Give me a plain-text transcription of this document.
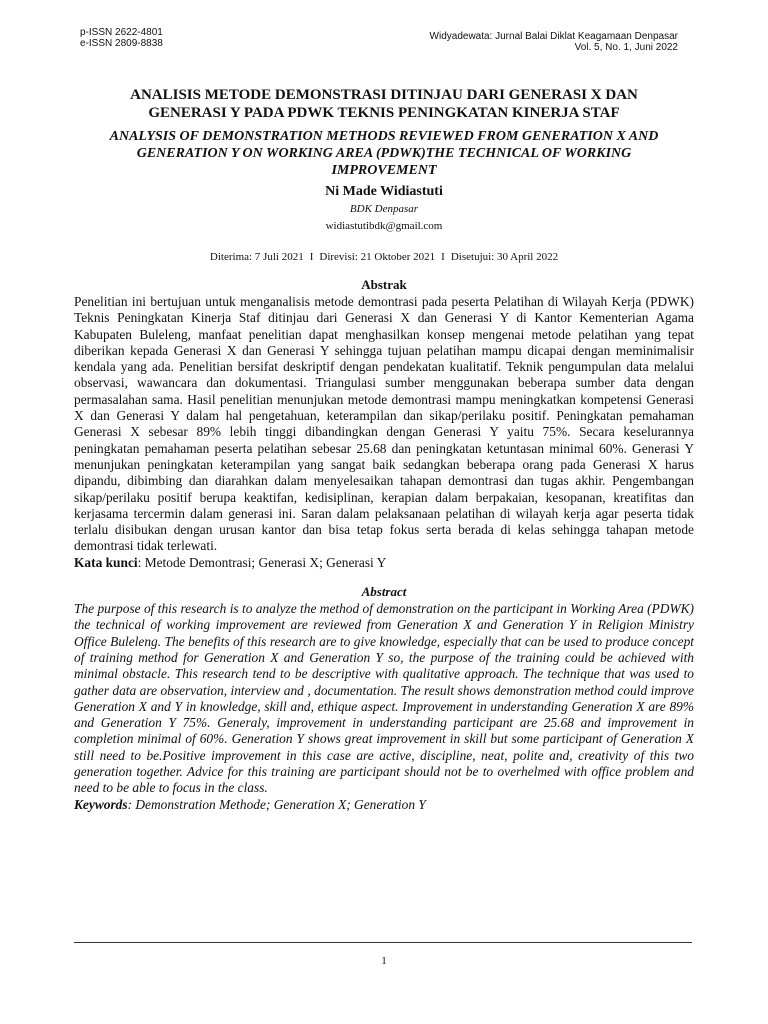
p-ISSN 2622-4801
e-ISSN 2809-8838
Widyadewata: Jurnal Balai Diklat Keagamaan Denpasar
Vol. 5, No. 1, Juni 2022
ANALISIS METODE DEMONSTRASI DITINJAU DARI GENERASI X DAN
GENERASI Y PADA PDWK TEKNIS PENINGKATAN KINERJA STAF
ANALYSIS OF DEMONSTRATION METHODS REVIEWED FROM GENERATION X AND
GENERATION Y ON WORKING AREA (PDWK)THE TECHNICAL OF WORKING
IMPROVEMENT
Ni Made Widiastuti
BDK Denpasar
widiastutibdk@gmail.com
Diterima: 7 Juli 2021 I Direvisi: 21 Oktober 2021 I Disetujui: 30 April 2022
Abstrak

Penelitian ini bertujuan untuk menganalisis metode demontrasi pada peserta Pelatihan di Wilayah Kerja (PDWK) Teknis Peningkatan Kinerja Staf ditinjau dari Generasi X dan Generasi Y di Kantor Kementerian Agama Kabupaten Buleleng, manfaat penelitian dapat menghasilkan konsep mengenai metode pelatihan yang tepat diberikan kepada Generasi X dan Generasi Y sehingga tujuan pelatihan mampu dicapai dengan meminimalisir kendala yang ada. Penelitian bersifat deskriptif dengan pendekatan kualitatif. Teknik pengumpulan data melalui observasi, wawancara dan dokumentasi. Triangulasi sumber menggunakan beberapa sumber data dengan permasalahan sama. Hasil penelitian menunjukan metode demontrasi mampu meningkatkan kompetensi Generasi X dan Generasi Y dalam hal pengetahuan, keterampilan dan sikap/perilaku positif. Peningkatan pemahaman Generasi X sebesar 89% lebih tinggi dibandingkan dengan Generasi Y yaitu 75%. Secara keselurannya peningkatan pemahaman peserta pelatihan sebesar 25.68 dan peningkatan ketuntasan minimal 60%. Generasi Y menunjukan peningkatan keterampilan yang sangat baik sedangkan beberapa orang pada Generasi X harus dipandu, dibimbing dan diarahkan dalam menyelesaikan tahapan demontrasi dan tugas akhir. Pengembangan sikap/perilaku positif berupa keaktifan, kedisiplinan, kerapian dalam berpakaian, kesopanan, kreatifitas dan kerjasama tercermin dalam generasi ini. Saran dalam pelaksanaan pelatihan di wilayah kerja agar peserta tidak terlalu disibukan dengan urusan kantor dan bisa tetap fokus serta berada di kelas sehingga tahapan metode demontrasi tidak terlewati.

Kata kunci: Metode Demontrasi; Generasi X; Generasi Y

Abstract

The purpose of this research is to analyze the method of demonstration on the participant in Working Area (PDWK) the technical of working improvement are reviewed from Generation X and Generation Y in Religion Ministry Office Buleleng. The benefits of this research are to give knowledge, especially that can be used to produce concept of training method for Generation X and Generation Y so, the purpose of the training could be achieved with minimal obstacle. This research tend to be descriptive with qualitative approach. The technique that was used to gather data are observation, interview and , documentation. The result shows demonstration method could improve Generation X and Y in knowledge, skill and, ethique aspect. Improvement in understanding Generation X are 89% and Generation Y 75%. Generaly, improvement in understanding participant are 25.68 and improvement in completion minimal of 60%. Generation Y shows great improvement in skill but some participant of Generation X still need to be.Positive improvement in this case are active, discipline, neat, polite and, creativity of this two generation together. Advice for this training are participant should not be to overhelmed with office problem and need to be able to focus in the class.

Keywords: Demonstration Methode; Generation X; Generation Y

1
